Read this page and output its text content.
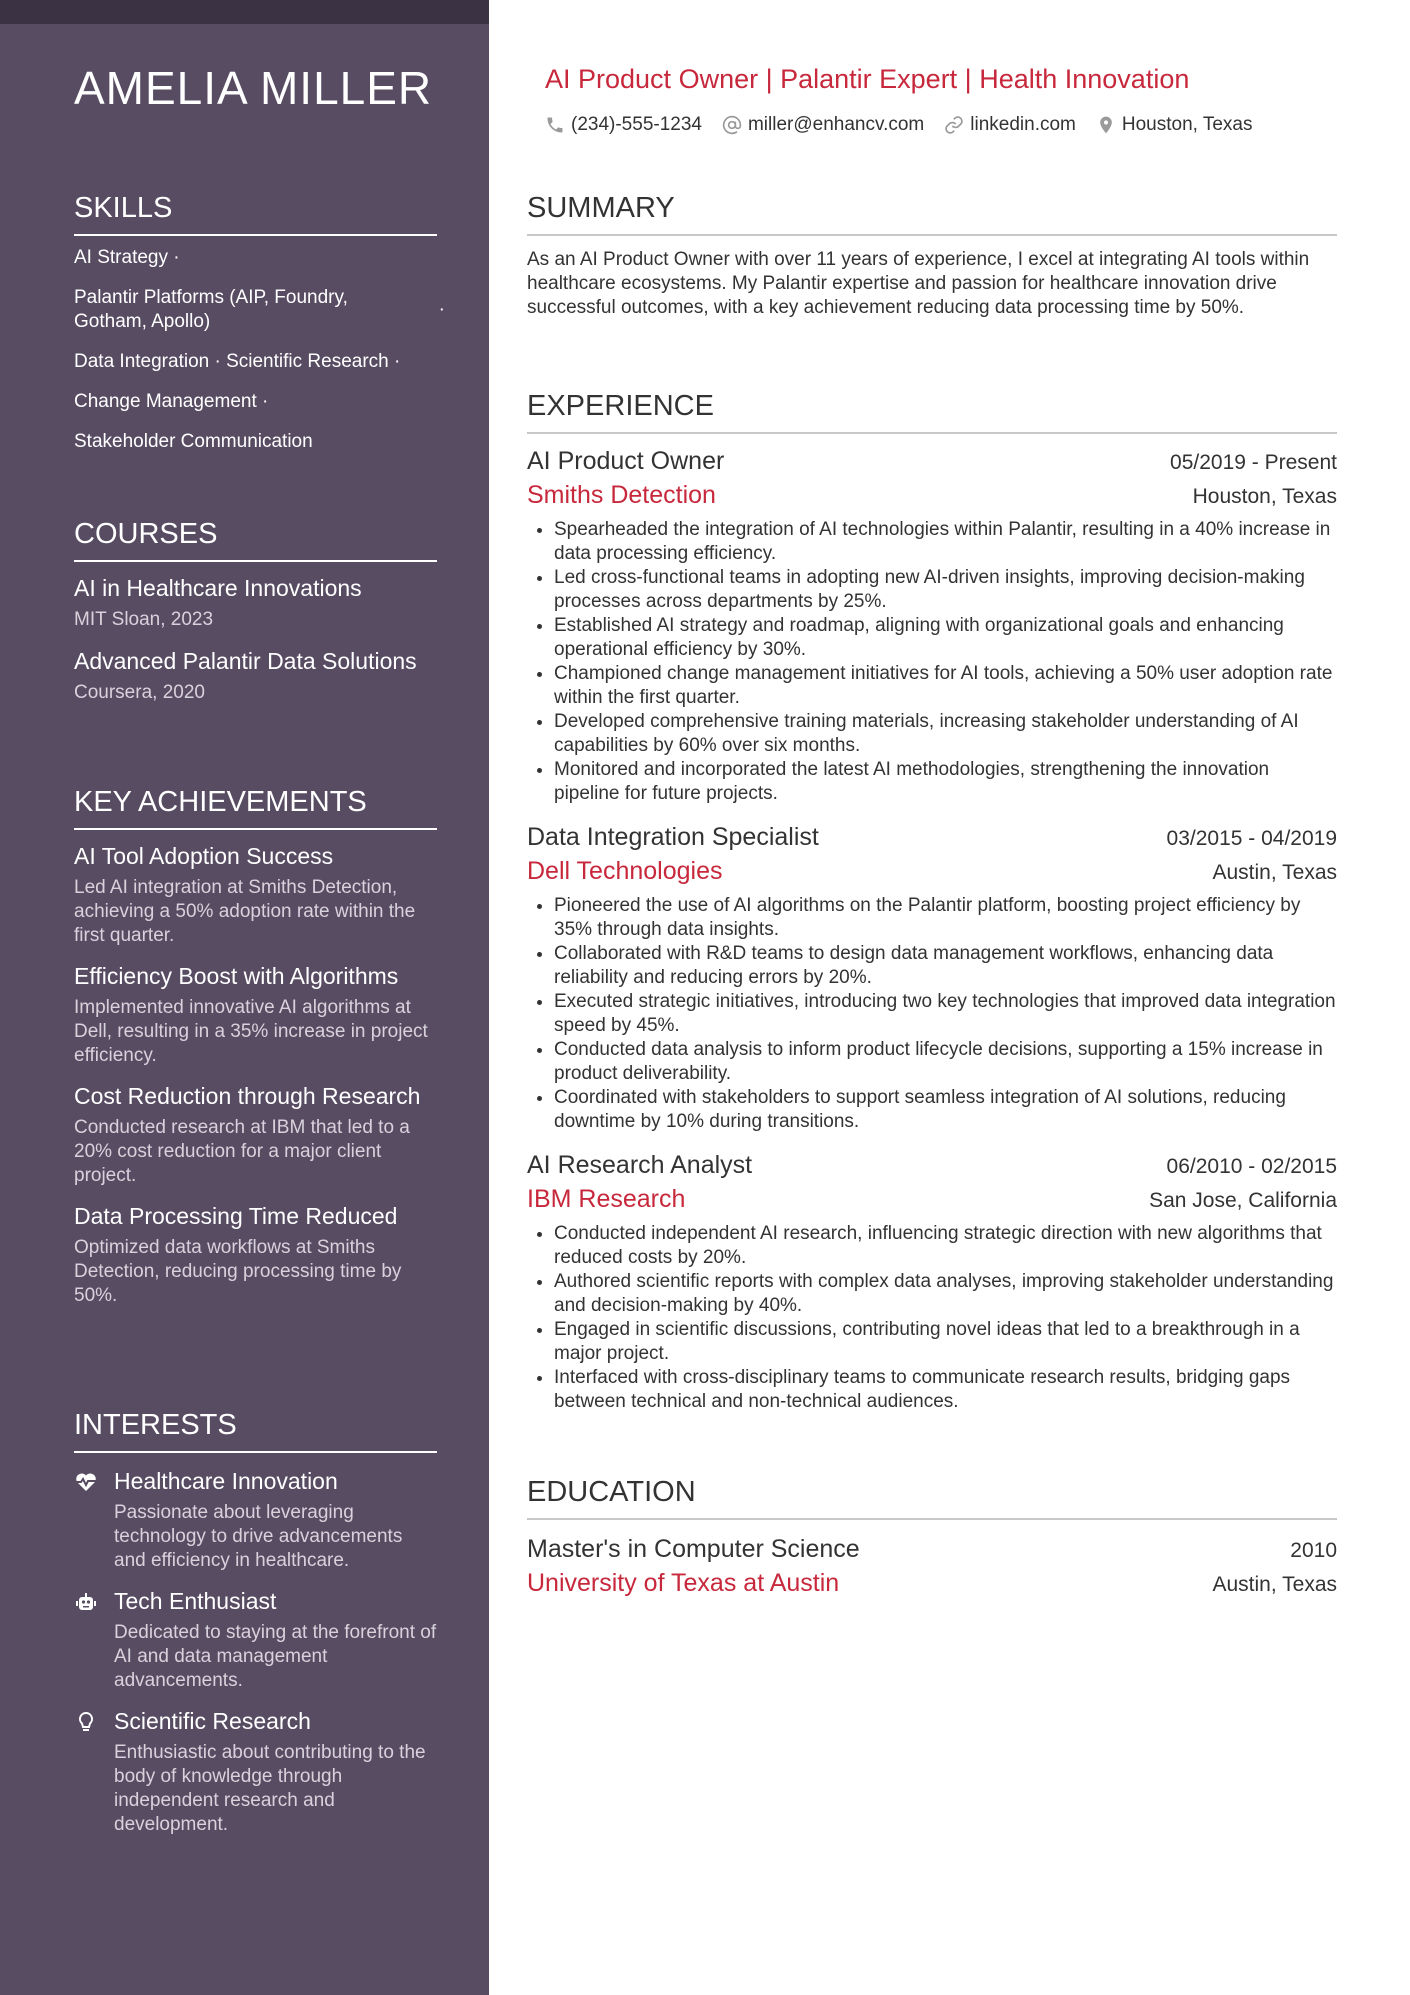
AMELIA MILLER
SKILLS
AI Strategy ·
Palantir Platforms (AIP, Foundry, Gotham, Apollo)
·
Data Integration · Scientific Research ·
Change Management ·
Stakeholder Communication
COURSES
AI in Healthcare Innovations
MIT Sloan, 2023
Advanced Palantir Data Solutions
Coursera, 2020
KEY ACHIEVEMENTS
AI Tool Adoption Success
Led AI integration at Smiths Detection, achieving a 50% adoption rate within the first quarter.
Efficiency Boost with Algorithms
Implemented innovative AI algorithms at Dell, resulting in a 35% increase in project efficiency.
Cost Reduction through Research
Conducted research at IBM that led to a 20% cost reduction for a major client project.
Data Processing Time Reduced
Optimized data workflows at Smiths Detection, reducing processing time by 50%.
INTERESTS
Healthcare Innovation
Passionate about leveraging technology to drive advancements and efficiency in healthcare.
Tech Enthusiast
Dedicated to staying at the forefront of AI and data management advancements.
Scientific Research
Enthusiastic about contributing to the body of knowledge through independent research and development.
AI Product Owner | Palantir Expert | Health Innovation
(234)-555-1234 miller@enhancv.com linkedin.com Houston, Texas
SUMMARY
As an AI Product Owner with over 11 years of experience, I excel at integrating AI tools within healthcare ecosystems. My Palantir expertise and passion for healthcare innovation drive successful outcomes, with a key achievement reducing data processing time by 50%.
EXPERIENCE
AI Product Owner	05/2019 - Present
Smiths Detection	Houston, Texas
• Spearheaded the integration of AI technologies within Palantir, resulting in a 40% increase in data processing efficiency.
• Led cross-functional teams in adopting new AI-driven insights, improving decision-making processes across departments by 25%.
• Established AI strategy and roadmap, aligning with organizational goals and enhancing operational efficiency by 30%.
• Championed change management initiatives for AI tools, achieving a 50% user adoption rate within the first quarter.
• Developed comprehensive training materials, increasing stakeholder understanding of AI capabilities by 60% over six months.
• Monitored and incorporated the latest AI methodologies, strengthening the innovation pipeline for future projects.
Data Integration Specialist	03/2015 - 04/2019
Dell Technologies	Austin, Texas
• Pioneered the use of AI algorithms on the Palantir platform, boosting project efficiency by 35% through data insights.
• Collaborated with R&D teams to design data management workflows, enhancing data reliability and reducing errors by 20%.
• Executed strategic initiatives, introducing two key technologies that improved data integration speed by 45%.
• Conducted data analysis to inform product lifecycle decisions, supporting a 15% increase in product deliverability.
• Coordinated with stakeholders to support seamless integration of AI solutions, reducing downtime by 10% during transitions.
AI Research Analyst	06/2010 - 02/2015
IBM Research	San Jose, California
• Conducted independent AI research, influencing strategic direction with new algorithms that reduced costs by 20%.
• Authored scientific reports with complex data analyses, improving stakeholder understanding and decision-making by 40%.
• Engaged in scientific discussions, contributing novel ideas that led to a breakthrough in a major project.
• Interfaced with cross-disciplinary teams to communicate research results, bridging gaps between technical and non-technical audiences.
EDUCATION
Master's in Computer Science	2010
University of Texas at Austin	Austin, Texas
